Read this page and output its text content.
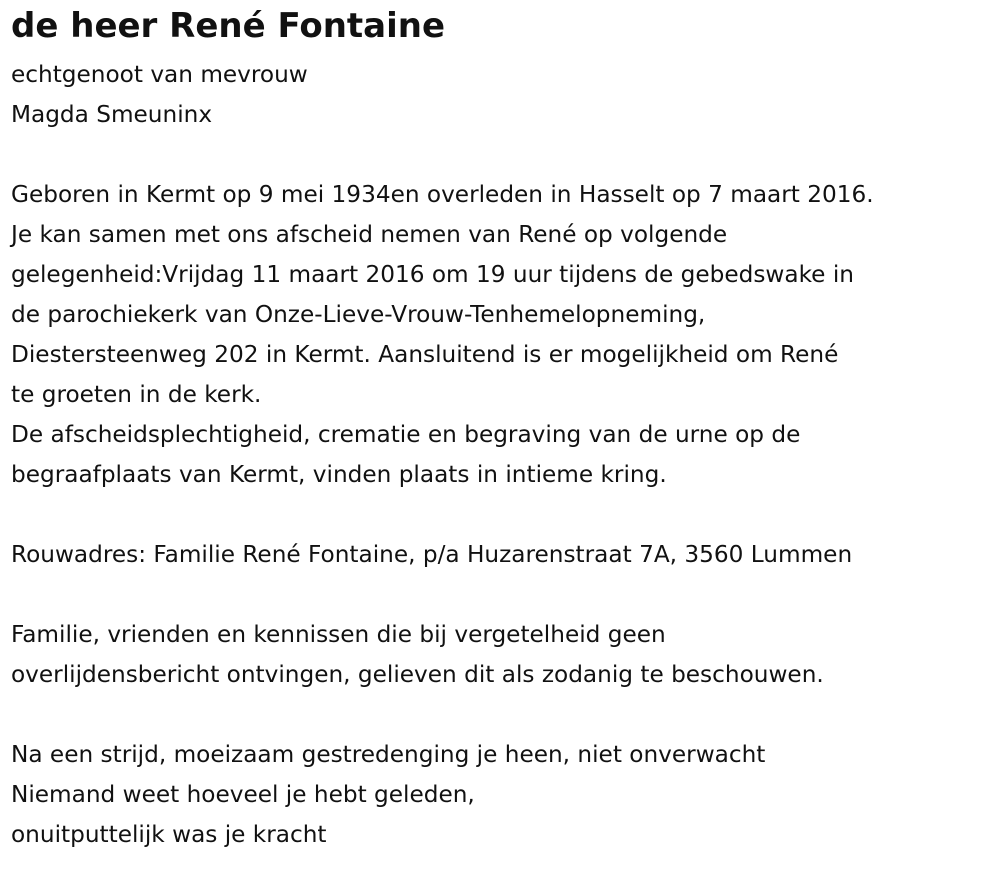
de heer René Fontaine
echtgenoot van mevrouw
Magda Smeuninx
Geboren in Kermt op 9 mei 1934en overleden in Hasselt op 7 maart 2016.
Je kan samen met ons afscheid nemen van René op volgende
gelegenheid:Vrijdag 11 maart 2016 om 19 uur tijdens de gebedswake in
de parochiekerk van Onze-Lieve-Vrouw-Tenhemelopneming,
Diestersteenweg 202 in Kermt. Aansluitend is er mogelijkheid om René
te groeten in de kerk.
De afscheidsplechtigheid, crematie en begraving van de urne op de
begraafplaats van Kermt, vinden plaats in intieme kring.
Rouwadres: Familie René Fontaine, p/a Huzarenstraat 7A, 3560 Lummen
Familie, vrienden en kennissen die bij vergetelheid geen
overlijdensbericht ontvingen, gelieven dit als zodanig te beschouwen.
Na een strijd, moeizaam gestredenging je heen, niet onverwacht
Niemand weet hoeveel je hebt geleden,
onuitputtelijk was je kracht
